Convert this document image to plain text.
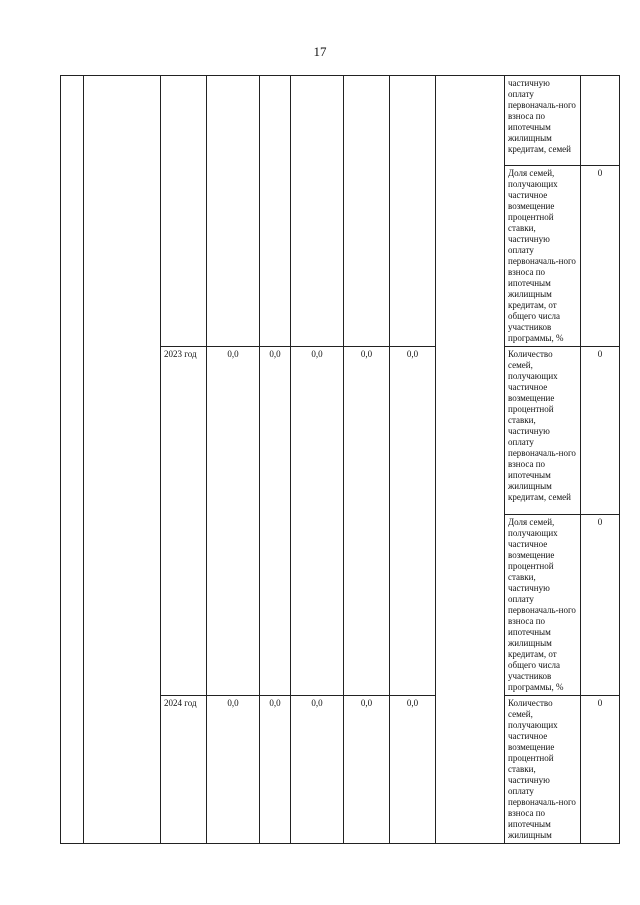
17
									частичную оплату первоначаль-ного взноса по ипотечным жилищным кредитам, семей	
									Доля семей, получающих частичное возмещение процентной ставки, частичную оплату первоначаль-ного взноса по ипотечным жилищным кредитам, от общего числа участников программы, %	0
		2023 год	0,0	0,0	0,0	0,0	0,0		Количество семей, получающих частичное возмещение процентной ставки, частичную оплату первоначаль-ного взноса по ипотечным жилищным кредитам, семей	0
									Доля семей, получающих частичное возмещение процентной ставки, частичную оплату первоначаль-ного взноса по ипотечным жилищным кредитам, от общего числа участников программы, %	0
		2024 год	0,0	0,0	0,0	0,0	0,0		Количество семей, получающих частичное возмещение процентной ставки, частичную оплату первоначаль-ного взноса по ипотечным жилищным	0
